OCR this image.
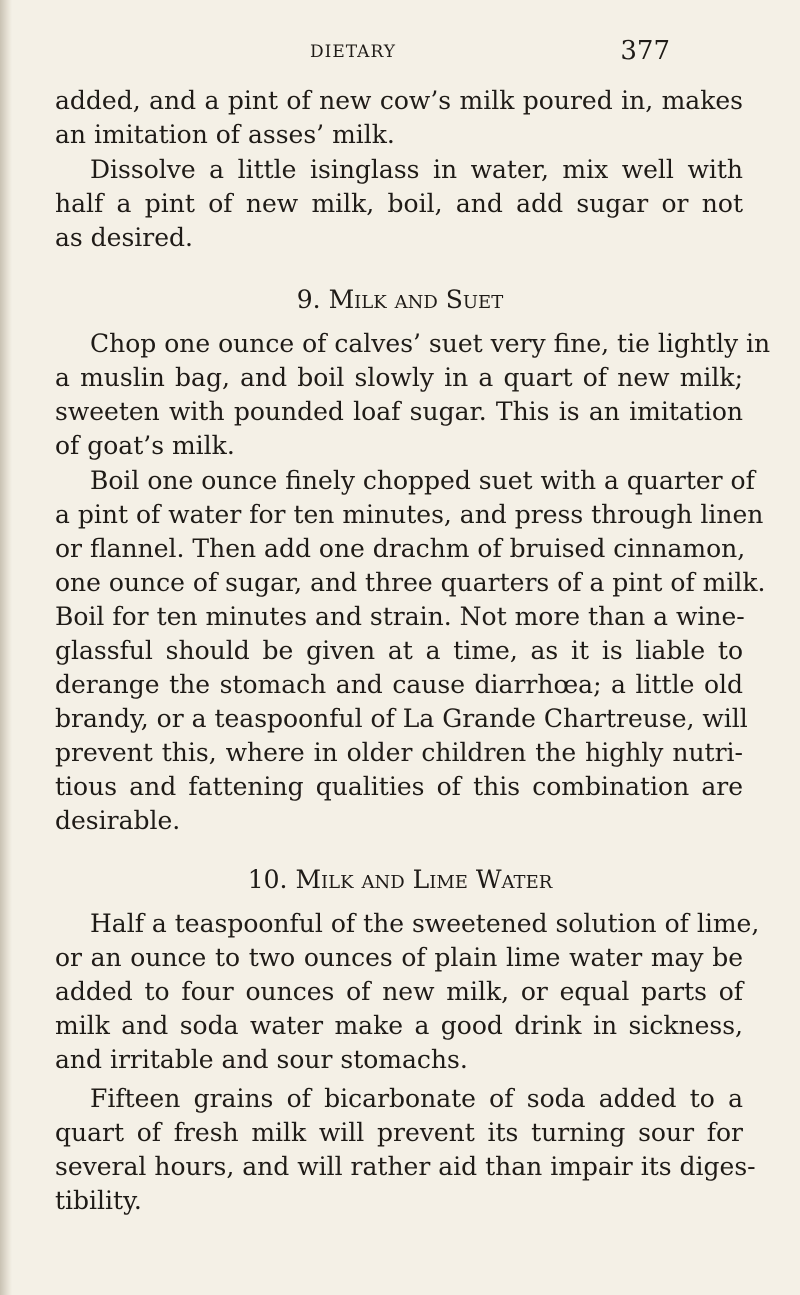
DIETARY	377
added, and a pint of new cow’s milk poured in, makes
an imitation of asses’ milk.
Dissolve a little isinglass in water, mix well with
half a pint of new milk, boil, and add sugar or not
as desired.
9. Milk and Suet
Chop one ounce of calves’ suet very fine, tie lightly in
a muslin bag, and boil slowly in a quart of new milk;
sweeten with pounded loaf sugar. This is an imitation
of goat’s milk.
Boil one ounce finely chopped suet with a quarter of
a pint of water for ten minutes, and press through linen
or flannel. Then add one drachm of bruised cinnamon,
one ounce of sugar, and three quarters of a pint of milk.
Boil for ten minutes and strain. Not more than a wine-
glassful should be given at a time, as it is liable to
derange the stomach and cause diarrhœa; a little old
brandy, or a teaspoonful of La Grande Chartreuse, will
prevent this, where in older children the highly nutri-
tious and fattening qualities of this combination are
desirable.
10. Milk and Lime Water
Half a teaspoonful of the sweetened solution of lime,
or an ounce to two ounces of plain lime water may be
added to four ounces of new milk, or equal parts of
milk and soda water make a good drink in sickness,
and irritable and sour stomachs.
Fifteen grains of bicarbonate of soda added to a
quart of fresh milk will prevent its turning sour for
several hours, and will rather aid than impair its diges-
tibility.
